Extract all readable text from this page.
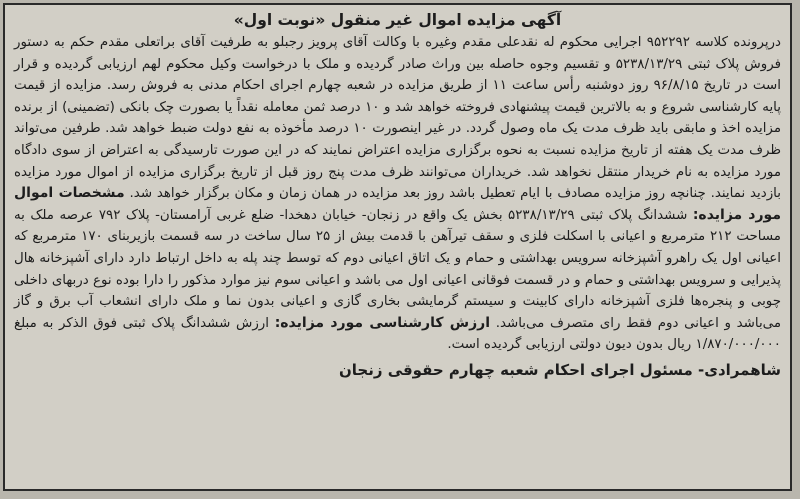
آگهی مزایده اموال غیر منقول «نوبت اول»

درپرونده کلاسه ۹۵۲۲۹۲ اجرایی محکوم له نقدعلی مقدم وغیره با وکالت آقای پرویز رجبلو به طرفیت آقای براتعلی مقدم حکم به دستور فروش پلاک ثبتی ۵۲۳۸/۱۳/۲۹ و تقسیم وجوه حاصله بین وراث صادر گردیده و ملک با درخواست وکیل محکوم لهم ارزیابی گردیده و قرار است در تاریخ ۹۶/۸/۱۵ روز دوشنبه رأس ساعت ۱۱ از طریق مزایده در شعبه چهارم اجرای احکام مدنی به فروش رسد. مزایده از قیمت پایه کارشناسی شروع و به بالاترین قیمت پیشنهادی فروخته خواهد شد و ۱۰ درصد ثمن معامله نقداً یا بصورت چک بانکی (تضمینی) از برنده مزایده اخذ و مابقی باید ظرف مدت یک ماه وصول گردد. در غیر اینصورت ۱۰ درصد مأخوذه به نفع دولت ضبط خواهد شد. طرفین می‌تواند ظرف مدت یک هفته از تاریخ مزایده نسبت به نحوه برگزاری مزایده اعتراض نمایند که در این صورت تارسیدگی به اعتراض از سوی دادگاه مورد مزایده به نام خریدار منتقل نخواهد شد. خریداران می‌توانند ظرف مدت پنج روز قبل از تاریخ برگزاری مزایده از اموال مورد مزایده بازدید نمایند. چنانچه روز مزایده مصادف با ایام تعطیل باشد روز بعد مزایده در همان زمان و مکان برگزار خواهد شد. مشخصات اموال مورد مزایده: ششدانگ پلاک ثبتی ۵۲۳۸/۱۳/۲۹ بخش یک واقع در زنجان- خیابان دهخدا- ضلع غربی آرامستان- پلاک ۷۹۲ عرصه ملک به مساحت ۲۱۲ مترمربع و اعیانی با اسکلت فلزی و سقف تیرآهن با قدمت بیش از ۲۵ سال ساخت در سه قسمت بازیربنای ۱۷۰ مترمربع که اعیانی اول یک راهرو آشپزخانه سرویس بهداشتی و حمام و یک اتاق اعیانی دوم که توسط چند پله به داخل ارتباط دارد دارای آشپزخانه هال پذیرایی و سرویس بهداشتی و حمام و در قسمت فوقانی اعیانی اول می باشد و اعیانی سوم نیز موارد مذکور را دارا بوده نوع دربهای داخلی چوبی و پنجره‌ها فلزی آشپزخانه دارای کابینت و سیستم گرمایشی بخاری گازی و اعیانی بدون نما و ملک دارای انشعاب آب برق و گاز می‌باشد و اعیانی دوم فقط رای متصرف می‌باشد. ارزش کارشناسی مورد مزایده: ارزش ششدانگ پلاک ثبتی فوق الذکر به مبلغ ۱/۸۷۰/۰۰۰/۰۰۰ ریال بدون دیون دولتی ارزیابی گردیده است.

شاهمرادی- مسئول اجرای احکام شعبه چهارم حقوقی زنجان
